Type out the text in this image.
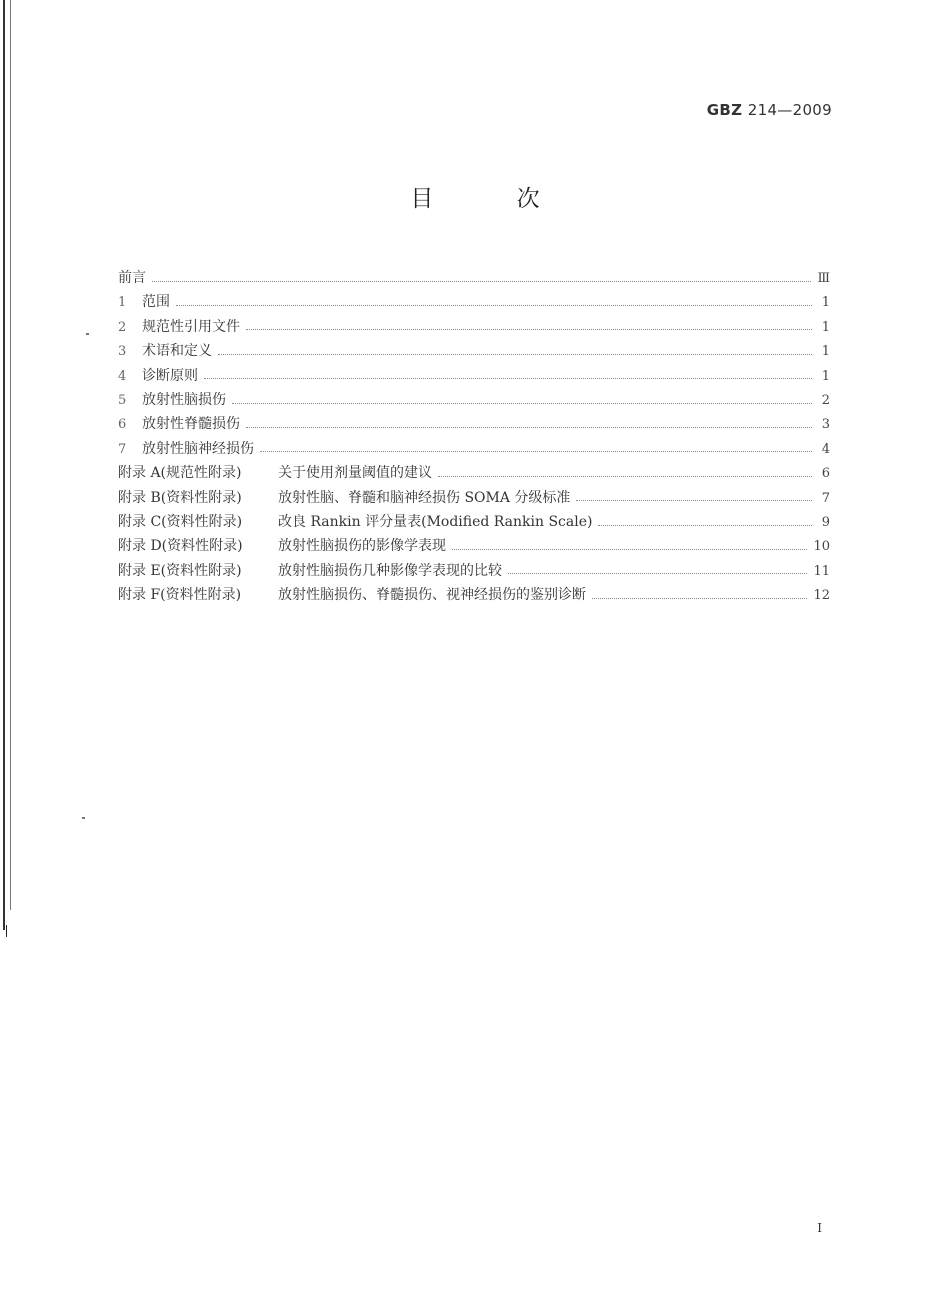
GBZ 214—2009
目 次
前言	Ⅲ
1	范围	1
2	规范性引用文件	1
3	术语和定义	1
4	诊断原则	1
5	放射性脑损伤	2
6	放射性脊髓损伤	3
7	放射性脑神经损伤	4
附录 A(规范性附录)	关于使用剂量阈值的建议	6
附录 B(资料性附录)	放射性脑、脊髓和脑神经损伤 SOMA 分级标准	7
附录 C(资料性附录)	改良 Rankin 评分量表(Modified Rankin Scale)	9
附录 D(资料性附录)	放射性脑损伤的影像学表现	10
附录 E(资料性附录)	放射性脑损伤几种影像学表现的比较	11
附录 F(资料性附录)	放射性脑损伤、脊髓损伤、视神经损伤的鉴别诊断	12
I
